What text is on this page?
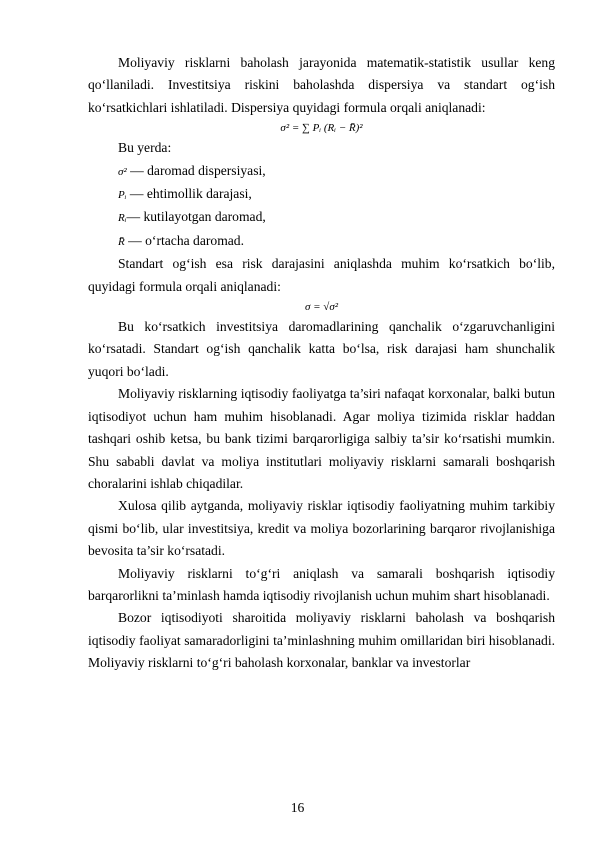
Moliyaviy risklarni baholash jarayonida matematik-statistik usullar keng qo‘llaniladi. Investitsiya riskini baholashda dispersiya va standart og‘ish ko‘rsatkichlari ishlatiladi. Dispersiya quyidagi formula orqali aniqlanadi:

σ² = ∑ Pᵢ (Rᵢ − R̄)²

Bu yerda:

σ² — daromad dispersiyasi,

Pᵢ — ehtimollik darajasi,

Rᵢ— kutilayotgan daromad,

R̄ — o‘rtacha daromad.

Standart og‘ish esa risk darajasini aniqlashda muhim ko‘rsatkich bo‘lib, quyidagi formula orqali aniqlanadi:

σ = √σ²

Bu ko‘rsatkich investitsiya daromadlarining qanchalik o‘zgaruvchanligini ko‘rsatadi. Standart og‘ish qanchalik katta bo‘lsa, risk darajasi ham shunchalik yuqori bo‘ladi.

Moliyaviy risklarning iqtisodiy faoliyatga ta’siri nafaqat korxonalar, balki butun iqtisodiyot uchun ham muhim hisoblanadi. Agar moliya tizimida risklar haddan tashqari oshib ketsa, bu bank tizimi barqarorligiga salbiy ta’sir ko‘rsatishi mumkin. Shu sababli davlat va moliya institutlari moliyaviy risklarni samarali boshqarish choralarini ishlab chiqadilar.

Xulosa qilib aytganda, moliyaviy risklar iqtisodiy faoliyatning muhim tarkibiy qismi bo‘lib, ular investitsiya, kredit va moliya bozorlarining barqaror rivojlanishiga bevosita ta’sir ko‘rsatadi.

Moliyaviy risklarni to‘g‘ri aniqlash va samarali boshqarish iqtisodiy barqarorlikni ta’minlash hamda iqtisodiy rivojlanish uchun muhim shart hisoblanadi.

Bozor iqtisodiyoti sharoitida moliyaviy risklarni baholash va boshqarish iqtisodiy faoliyat samaradorligini ta’minlashning muhim omillaridan biri hisoblanadi. Moliyaviy risklarni to‘g‘ri baholash korxonalar, banklar va investorlar

16
